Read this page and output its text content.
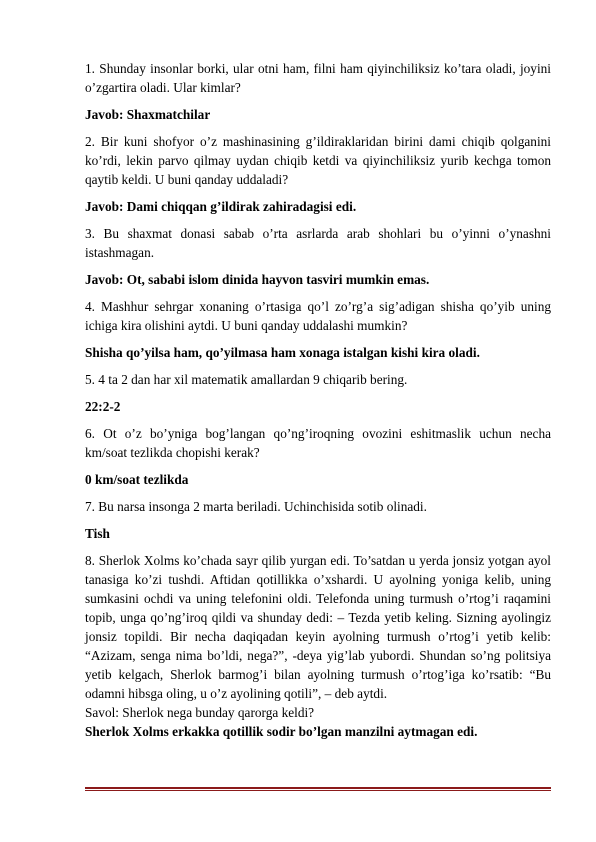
1. Shunday insonlar borki, ular otni ham, filni ham qiyinchiliksiz ko’tara oladi, joyini o’zgartira oladi. Ular kimlar?

Javob: Shaxmatchilar

2. Bir kuni shofyor o’z mashinasining g’ildiraklaridan birini dami chiqib qolganini ko’rdi, lekin parvo qilmay uydan chiqib ketdi va qiyinchiliksiz yurib kechga tomon qaytib keldi. U buni qanday uddaladi?

Javob: Dami chiqqan g’ildirak zahiradagisi edi.

3. Bu shaxmat donasi sabab o’rta asrlarda arab shohlari bu o’yinni o’ynashni istashmagan.

Javob: Ot, sababi islom dinida hayvon tasviri mumkin emas.

4. Mashhur sehrgar xonaning o’rtasiga qo’l zo’rg’a sig’adigan shisha qo’yib uning ichiga kira olishini aytdi. U buni qanday uddalashi mumkin?

Shisha qo’yilsa ham, qo’yilmasa ham xonaga istalgan kishi kira oladi.

5. 4 ta 2 dan har xil matematik amallardan 9 chiqarib bering.

22:2-2

6. Ot o’z bo’yniga bog’langan qo’ng’iroqning ovozini eshitmaslik uchun necha km/soat tezlikda chopishi kerak?

0 km/soat tezlikda

7. Bu narsa insonga 2 marta beriladi. Uchinchisida sotib olinadi.

Tish

8. Sherlok Xolms ko’chada sayr qilib yurgan edi. To’satdan u yerda jonsiz yotgan ayol tanasiga ko’zi tushdi. Aftidan qotillikka o’xshardi. U ayolning yoniga kelib, uning sumkasini ochdi va uning telefonini oldi. Telefonda uning turmush o’rtog’i raqamini topib, unga qo’ng’iroq qildi va shunday dedi: – Tezda yetib keling. Sizning ayolingiz jonsiz topildi. Bir necha daqiqadan keyin ayolning turmush o’rtog’i yetib kelib: “Azizam, senga nima bo’ldi, nega?”, -deya yig’lab yubordi. Shundan so’ng politsiya yetib kelgach, Sherlok barmog’i bilan ayolning turmush o’rtog’iga ko’rsatib: “Bu odamni hibsga oling, u o’z ayolining qotili”, – deb aytdi.

Savol: Sherlok nega bunday qarorga keldi?

Sherlok Xolms erkakka qotillik sodir bo’lgan manzilni aytmagan edi.
